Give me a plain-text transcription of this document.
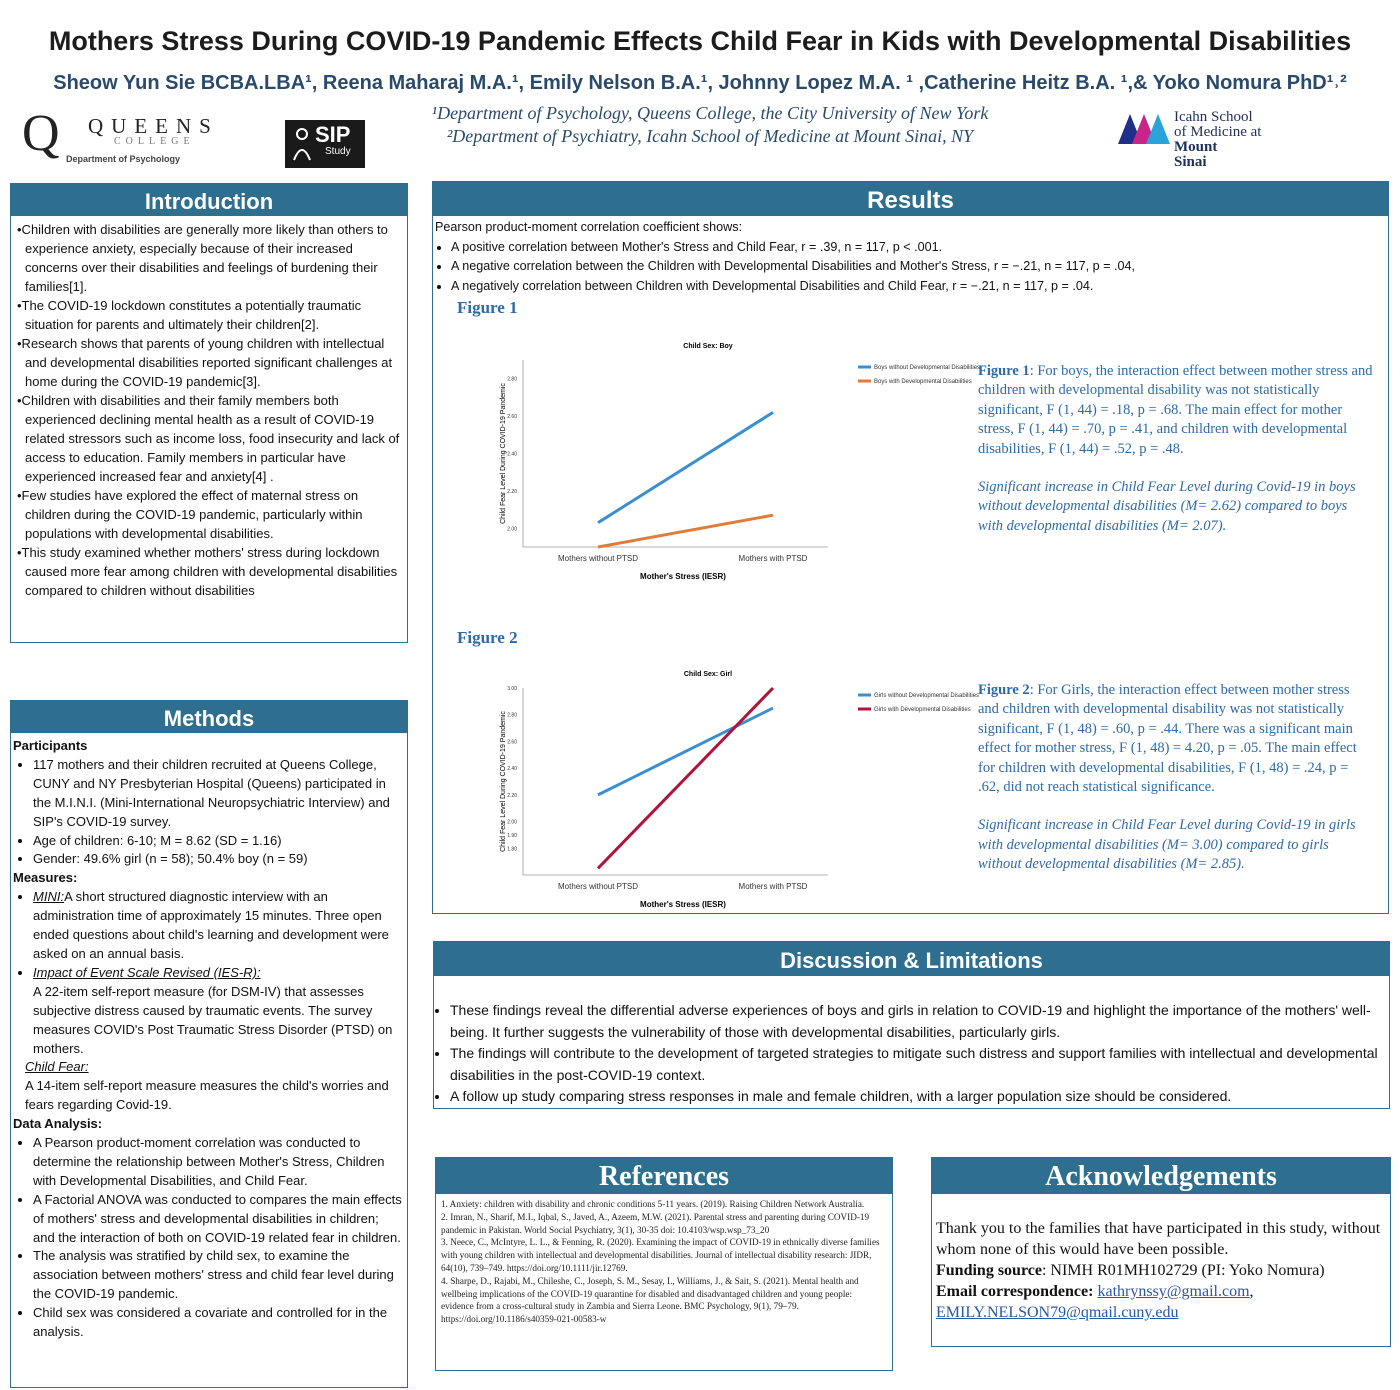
Mothers Stress During COVID-19 Pandemic Effects Child Fear in Kids with Developmental Disabilities
Sheow Yun Sie BCBA.LBA¹, Reena Maharaj M.A.¹, Emily Nelson B.A.¹, Johnny Lopez M.A. ¹ ,Catherine Heitz B.A. ¹,& Yoko Nomura PhD¹˒²
¹Department of Psychology, Queens College, the City University of New York
²Department of Psychiatry, Icahn School of Medicine at Mount Sinai, NY
Q QUEENS
COLLEGE
Department of Psychology
SIP
Study
Icahn School
of Medicine at
Mount
Sinai
Introduction

•Children with disabilities are generally more likely than others to experience anxiety, especially because of their increased concerns over their disabilities and feelings of burdening their families[1].

•The COVID-19 lockdown constitutes a potentially traumatic situation for parents and ultimately their children[2].

•Research shows that parents of young children with intellectual and developmental disabilities reported significant challenges at home during the COVID-19 pandemic[3].

•Children with disabilities and their family members both experienced declining mental health as a result of COVID-19 related stressors such as income loss, food insecurity and lack of access to education. Family members in particular have experienced increased fear and anxiety[4] .

•Few studies have explored the effect of maternal stress on children during the COVID-19 pandemic, particularly within populations with developmental disabilities.

•This study examined whether mothers' stress during lockdown caused more fear among children with developmental disabilities compared to children without disabilities

Methods

Participants

• 117 mothers and their children recruited at Queens College, CUNY and NY Presbyterian Hospital (Queens) participated in the M.I.N.I. (Mini-International Neuropsychiatric Interview) and SIP's COVID-19 survey.
• Age of children: 6-10; M = 8.62 (SD = 1.16)
• Gender: 49.6% girl (n = 58); 50.4% boy (n = 59)

Measures:

• MINI:A short structured diagnostic interview with an administration time of approximately 15 minutes. Three open ended questions about child's learning and development were asked on an annual basis.
• Impact of Event Scale Revised (IES-R):
A 22-item self-report measure (for DSM-IV) that assesses subjective distress caused by traumatic events. The survey measures COVID's Post Traumatic Stress Disorder (PTSD) on mothers.
Child Fear:
A 14-item self-report measure measures the child's worries and fears regarding Covid-19.

Data Analysis:

• A Pearson product-moment correlation was conducted to determine the relationship between Mother's Stress, Children with Developmental Disabilities, and Child Fear.
• A Factorial ANOVA was conducted to compares the main effects of mothers' stress and developmental disabilities in children; and the interaction of both on COVID-19 related fear in children.
• The analysis was stratified by child sex, to examine the association between mothers' stress and child fear level during the COVID-19 pandemic.
• Child sex was considered a covariate and controlled for in the analysis.
Results

Pearson product-moment correlation coefficient shows:

• A positive correlation between Mother's Stress and Child Fear, r = .39, n = 117, p < .001.
• A negative correlation between the Children with Developmental Disabilities and Mother's Stress, r = −.21, n = 117, p = .04,
• A negatively correlation between Children with Developmental Disabilities and Child Fear, r = −.21, n = 117, p = .04.
Figure 1
Child Sex: Boy
2.00
2.20
2.40
2.60
2.80
Mothers without PTSD	Mothers with PTSD
Mother's Stress (IESR)
Child Fear Level During COVID-19 Pandemic
Boys without Developmental Disabilities
Boys with Developmental Disabilities
Figure 1: For boys, the interaction effect between mother stress and children with developmental disability was not statistically significant, F (1, 44) = .18, p = .68. The main effect for mother stress, F (1, 44) = .70, p = .41, and children with developmental disabilities, F (1, 44) = .52, p = .48.
Significant increase in Child Fear Level during Covid-19 in boys without developmental disabilities (M= 2.62) compared to boys with developmental disabilities (M= 2.07).
Figure 2
Child Sex: Girl
1.80
1.90
2.00
2.20
2.40
2.60
2.80
3.00
Mothers without PTSD	Mothers with PTSD
Mother's Stress (IESR)
Child Fear Level During COVID-19 Pandemic
Girls without Developmental Disabilities
Girls with Developmental Disabilities
Figure 2: For Girls, the interaction effect between mother stress and children with developmental disability was not statistically significant, F (1, 48) = .60, p = .44. There was a significant main effect for mother stress, F (1, 48) = 4.20, p = .05. The main effect for children with developmental disabilities, F (1, 48) = .24, p = .62, did not reach statistical significance.
Significant increase in Child Fear Level during Covid-19 in girls with developmental disabilities (M= 3.00) compared to girls without developmental disabilities (M= 2.85).
Discussion & Limitations
• These findings reveal the differential adverse experiences of boys and girls in relation to COVID-19 and highlight the importance of the mothers' well-being. It further suggests the vulnerability of those with developmental disabilities, particularly girls.
• The findings will contribute to the development of targeted strategies to mitigate such distress and support families with intellectual and developmental disabilities in the post-COVID-19 context.
• A follow up study comparing stress responses in male and female children, with a larger population size should be considered.
References
1. Anxiety: children with disability and chronic conditions 5-11 years. (2019). Raising Children Network Australia.
2. Imran, N., Sharif, M.I., Iqbal, S., Javed, A., Azeem, M.W. (2021). Parental stress and parenting during COVID-19 pandemic in Pakistan. World Social Psychiatry, 3(1), 30-35 doi: 10.4103/wsp.wsp_73_20
3. Neece, C., McIntyre, L. L., & Fenning, R. (2020). Examining the impact of COVID-19 in ethnically diverse families with young children with intellectual and developmental disabilities. Journal of intellectual disability research: JIDR, 64(10), 739–749. https://doi.org/10.1111/jir.12769.
4. Sharpe, D., Rajabi, M., Chileshe, C., Joseph, S. M., Sesay, I., Williams, J., & Sait, S. (2021). Mental health and wellbeing implications of the COVID-19 quarantine for disabled and disadvantaged children and young people: evidence from a cross-cultural study in Zambia and Sierra Leone. BMC Psychology, 9(1), 79–79. https://doi.org/10.1186/s40359-021-00583-w
Acknowledgements
Thank you to the families that have participated in this study, without whom none of this would have been possible.
Funding source: NIMH R01MH102729 (PI: Yoko Nomura)
Email correspondence: kathrynssy@gmail.com,
EMILY.NELSON79@qmail.cuny.edu
